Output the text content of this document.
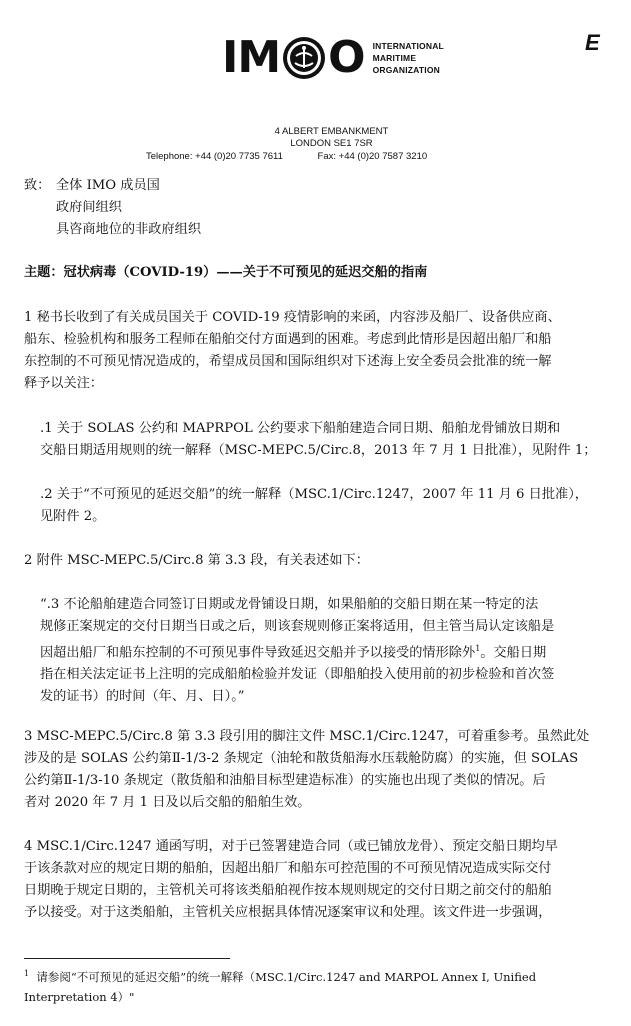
IM O INTERNATIONAL
MARITIME
ORGANIZATION
E
4 ALBERT EMBANKMENT
LONDON SE1 7SR
Telephone: +44 (0)20 7735 7611	Fax: +44 (0)20 7587 3210
致： 全体 IMO 成员国
政府间组织
具咨商地位的非政府组织
主题：冠状病毒（COVID-19）——关于不可预见的延迟交船的指南
1 秘书长收到了有关成员国关于 COVID-19 疫情影响的来函，内容涉及船厂、设备供应商、
船东、检验机构和服务工程师在船舶交付方面遇到的困难。考虑到此情形是因超出船厂和船
东控制的不可预见情况造成的，希望成员国和国际组织对下述海上安全委员会批准的统一解
释予以关注：
.1 关于 SOLAS 公约和 MAPRPOL 公约要求下船舶建造合同日期、船舶龙骨铺放日期和
交船日期适用规则的统一解释（MSC-MEPC.5/Circ.8，2013 年 7 月 1 日批准），见附件 1；
.2 关于“不可预见的延迟交船”的统一解释（MSC.1/Circ.1247，2007 年 11 月 6 日批准），
见附件 2。
2 附件 MSC-MEPC.5/Circ.8 第 3.3 段，有关表述如下：
“.3 不论船舶建造合同签订日期或龙骨铺设日期，如果船舶的交船日期在某一特定的法
规修正案规定的交付日期当日或之后，则该套规则修正案将适用，但主管当局认定该船是
因超出船厂和船东控制的不可预见事件导致延迟交船并予以接受的情形除外$^1$。交船日期
指在相关法定证书上注明的完成船舶检验并发证（即船舶投入使用前的初步检验和首次签
发的证书）的时间（年、月、日）。”
3 MSC-MEPC.5/Circ.8 第 3.3 段引用的脚注文件 MSC.1/Circ.1247，可着重参考。虽然此处
涉及的是 SOLAS 公约第Ⅱ-1/3-2 条规定（油轮和散货船海水压载舱防腐）的实施，但 SOLAS
公约第Ⅱ-1/3-10 条规定（散货船和油船目标型建造标准）的实施也出现了类似的情况。后
者对 2020 年 7 月 1 日及以后交船的船舶生效。
4 MSC.1/Circ.1247 通函写明，对于已签署建造合同（或已铺放龙骨）、预定交船日期均早
于该条款对应的规定日期的船舶，因超出船厂和船东可控范围的不可预见情况造成实际交付
日期晚于规定日期的，主管机关可将该类船舶视作按本规则规定的交付日期之前交付的船舶
予以接受。对于这类船舶，主管机关应根据具体情况逐案审议和处理。该文件进一步强调，
$^1$ 请参阅“不可预见的延迟交船”的统一解释（MSC.1/Circ.1247 and MARPOL Annex I, Unified
Interpretation 4）"
